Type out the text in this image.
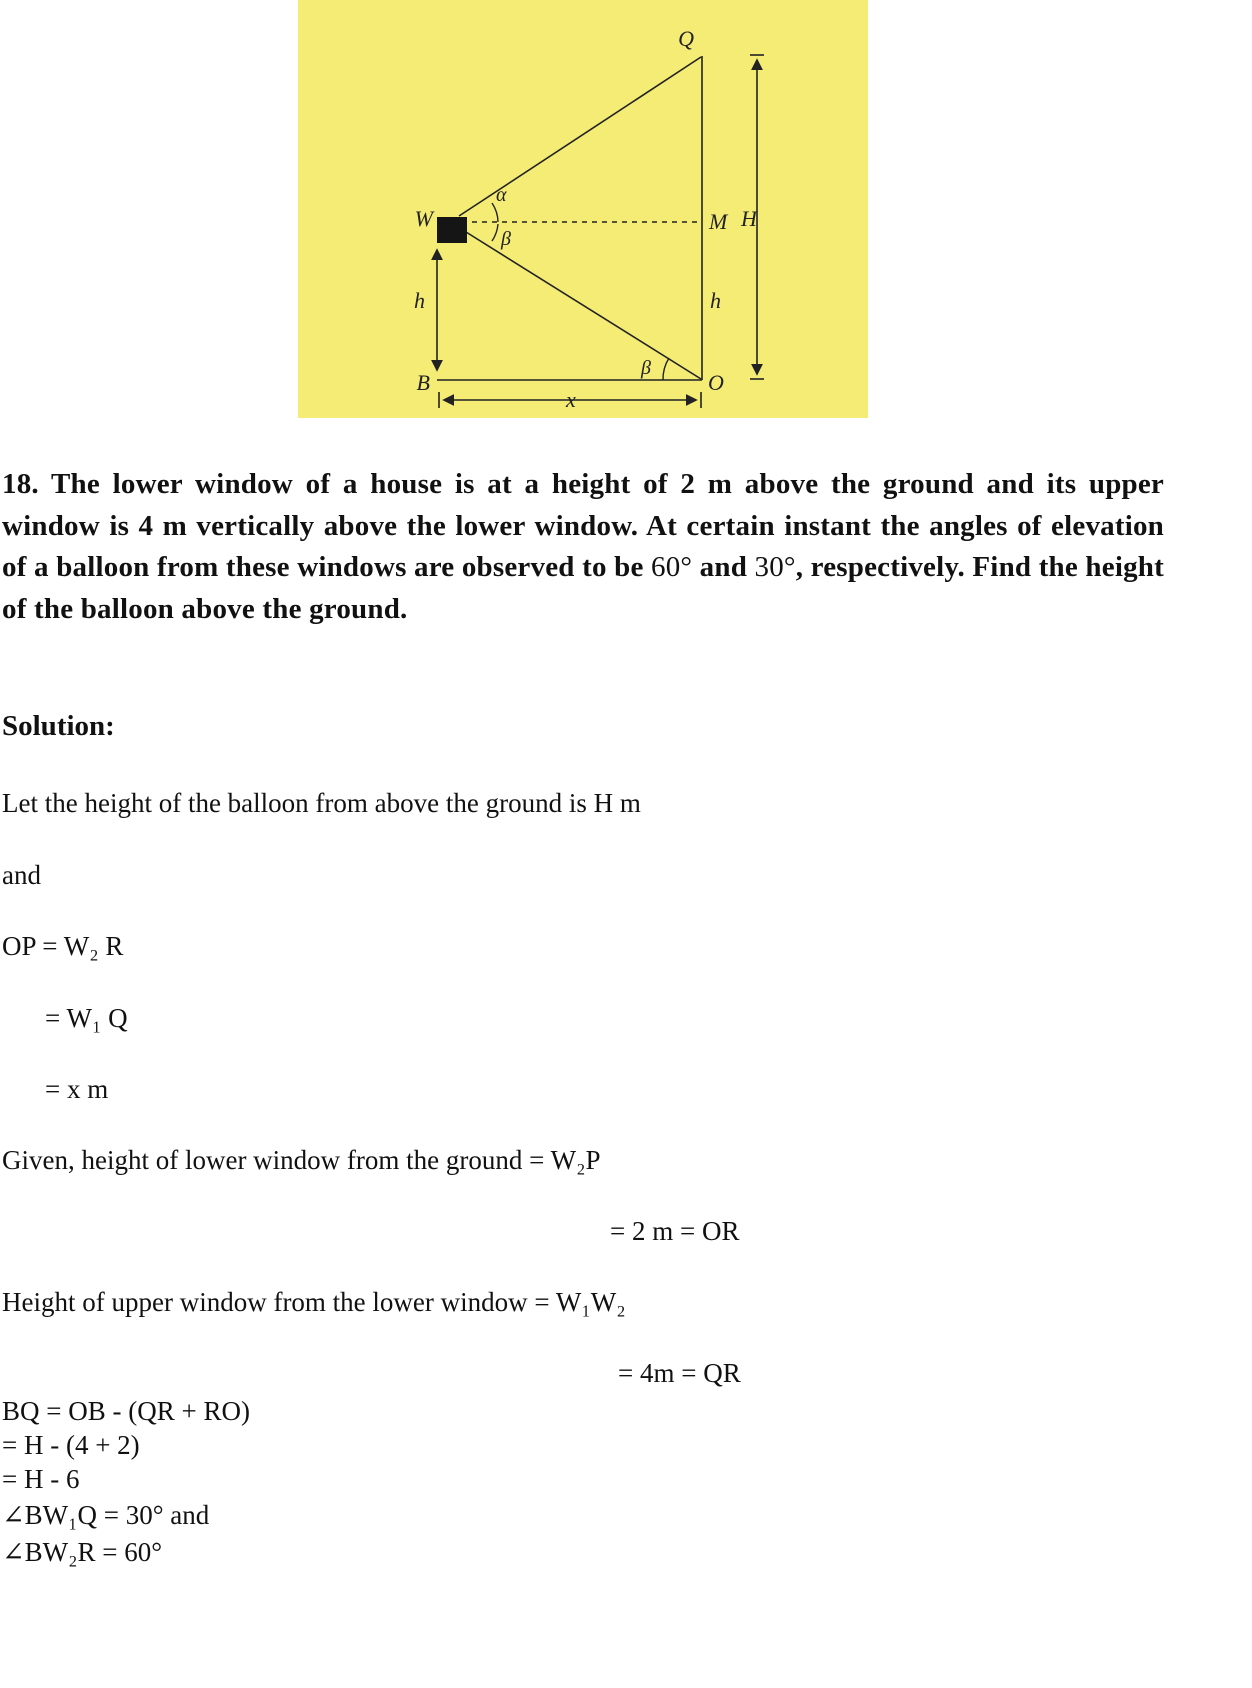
Q
W	M H
B	O
h	h
x
α
β
β
18. The lower window of a house is at a height of 2 m above the ground and its upper window is 4 m vertically above the lower window. At certain instant the angles of elevation of a balloon from these windows are observed to be 60° and 30°, respectively. Find the height of the balloon above the ground.
Solution:
Let the height of the balloon from above the ground is H m
and
OP = W₂ R
= W₁ Q
= x m
Given, height of lower window from the ground = W₂P
= 2 m = OR
Height of upper window from the lower window = W₁W₂
= 4m = QR
BQ = OB - (QR + RO)
= H - (4 + 2)
= H - 6
∠BW₁Q = 30° and
∠BW₂R = 60°
